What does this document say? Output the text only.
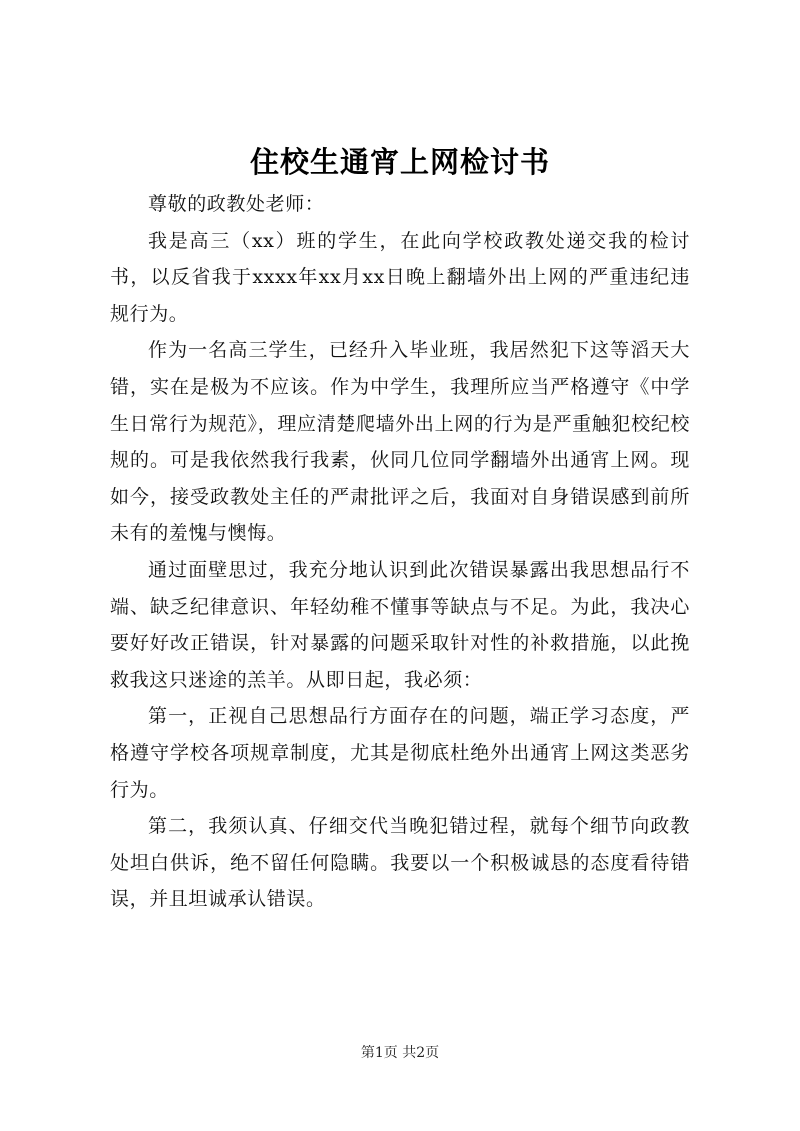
住校生通宵上网检讨书

尊敬的政教处老师：

我是高三（xx）班的学生，在此向学校政教处递交我的检讨书，以反省我于xxxx年xx月xx日晚上翻墙外出上网的严重违纪违规行为。

作为一名高三学生，已经升入毕业班，我居然犯下这等滔天大错，实在是极为不应该。作为中学生，我理所应当严格遵守《中学生日常行为规范》，理应清楚爬墙外出上网的行为是严重触犯校纪校规的。可是我依然我行我素，伙同几位同学翻墙外出通宵上网。现如今，接受政教处主任的严肃批评之后，我面对自身错误感到前所未有的羞愧与懊悔。

通过面壁思过，我充分地认识到此次错误暴露出我思想品行不端、缺乏纪律意识、年轻幼稚不懂事等缺点与不足。为此，我决心要好好改正错误，针对暴露的问题采取针对性的补救措施，以此挽救我这只迷途的羔羊。从即日起，我必须：

第一，正视自己思想品行方面存在的问题，端正学习态度，严格遵守学校各项规章制度，尤其是彻底杜绝外出通宵上网这类恶劣行为。

第二，我须认真、仔细交代当晚犯错过程，就每个细节向政教处坦白供诉，绝不留任何隐瞒。我要以一个积极诚恳的态度看待错误，并且坦诚承认错误。

第1页 共2页
